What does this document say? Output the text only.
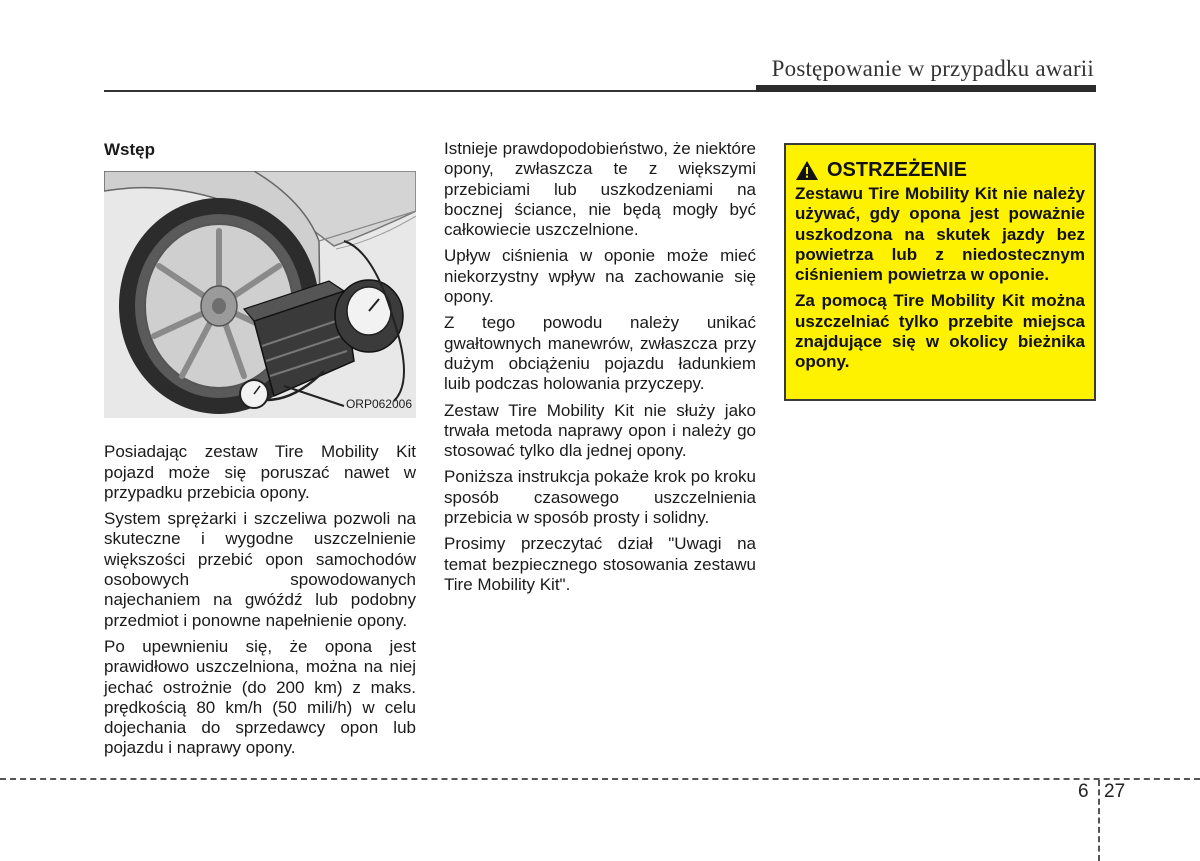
Postępowanie w przypadku awarii

Wstęp

ORP062006

Posiadając zestaw Tire Mobility Kit pojazd może się poruszać nawet w przypadku przebicia opony.

System sprężarki i szczeliwa pozwoli na skuteczne i wygodne uszczelnienie większości przebić opon samochodów osobowych spowodowanych najechaniem na gwóźdź lub podobny przedmiot i ponowne napełnienie opony.

Po upewnieniu się, że opona jest prawidłowo uszczelniona, można na niej jechać ostrożnie (do 200 km) z maks. prędkością 80 km/h (50 mili/h) w celu dojechania do sprzedawcy opon lub pojazdu i naprawy opony.

Istnieje prawdopodobieństwo, że niektóre opony, zwłaszcza te z większymi przebiciami lub uszkodzeniami na bocznej ściance, nie będą mogły być całkowiecie uszczelnione.

Upływ ciśnienia w oponie może mieć niekorzystny wpływ na zachowanie się opony.

Z tego powodu należy unikać gwałtownych manewrów, zwłaszcza przy dużym obciążeniu pojazdu ładunkiem luib podczas holowania przyczepy.

Zestaw Tire Mobility Kit nie służy jako trwała metoda naprawy opon i należy go stosować tylko dla jednej opony.

Poniższa instrukcja pokaże krok po kroku sposób czasowego uszczelnienia przebicia w sposób prosty i solidny.

Prosimy przeczytać dział "Uwagi na temat bezpiecznego stosowania zestawu Tire Mobility Kit".

OSTRZEŻENIE

Zestawu Tire Mobility Kit nie należy używać, gdy opona jest poważnie uszkodzona na skutek jazdy bez powietrza lub z niedostecznym ciśnieniem powietrza w oponie.

Za pomocą Tire Mobility Kit można uszczelniać tylko przebite miejsca znajdujące się w okolicy bieżnika opony.

6 27
